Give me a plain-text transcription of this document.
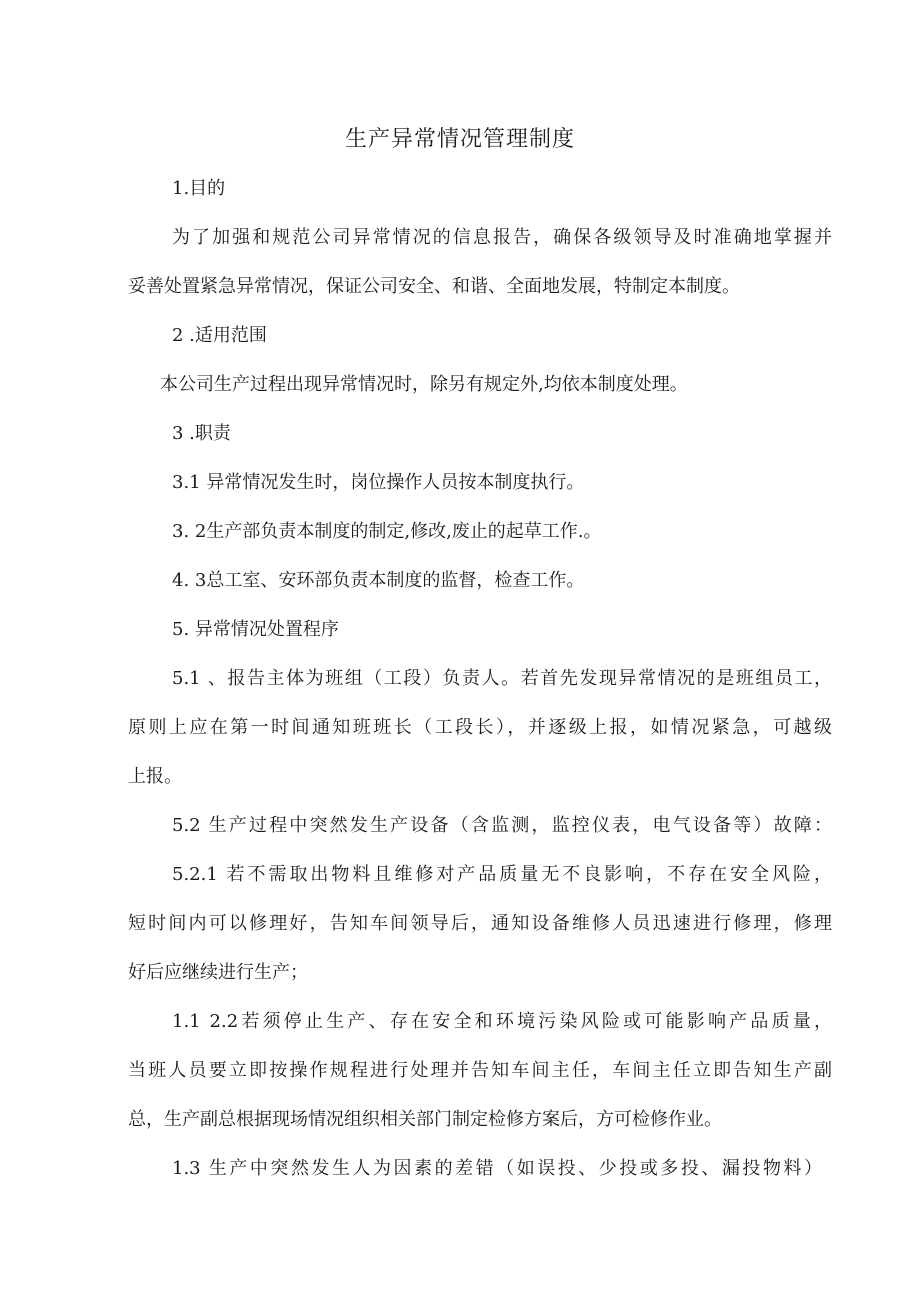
生产异常情况管理制度
1.目的
为了加强和规范公司异常情况的信息报告，确保各级领导及时准确地掌握并
妥善处置紧急异常情况，保证公司安全、和谐、全面地发展，特制定本制度。
2 .适用范围
本公司生产过程出现异常情况时，除另有规定外,均依本制度处理。
3 .职责
3.1 异常情况发生时，岗位操作人员按本制度执行。
3. 2生产部负责本制度的制定,修改,废止的起草工作.。
4. 3总工室、安环部负责本制度的监督，检查工作。
5. 异常情况处置程序
5.1 、报告主体为班组（工段）负责人。若首先发现异常情况的是班组员工，
原则上应在第一时间通知班班长（工段长），并逐级上报，如情况紧急，可越级
上报。
5.2 生产过程中突然发生产设备（含监测，监控仪表，电气设备等）故障：
5.2.1 若不需取出物料且维修对产品质量无不良影响，不存在安全风险，
短时间内可以修理好，告知车间领导后，通知设备维修人员迅速进行修理，修理
好后应继续进行生产；
1.1 2.2若须停止生产、存在安全和环境污染风险或可能影响产品质量，
当班人员要立即按操作规程进行处理并告知车间主任，车间主任立即告知生产副
总，生产副总根据现场情况组织相关部门制定检修方案后，方可检修作业。
1.3 生产中突然发生人为因素的差错（如误投、少投或多投、漏投物料）
